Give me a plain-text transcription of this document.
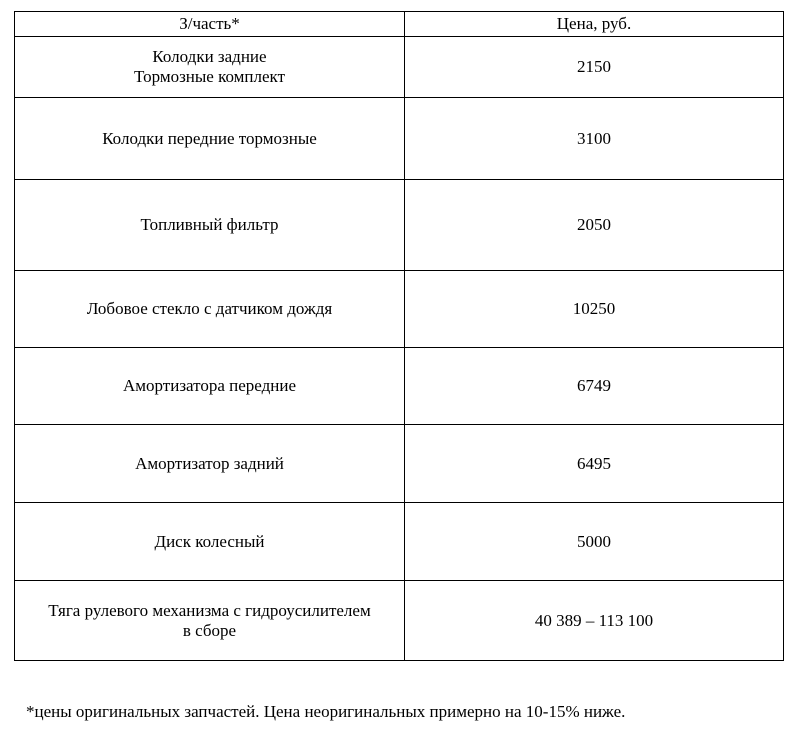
З/часть*	Цена, руб.

Колодки задние
Тормозные комплект	2150

Колодки передние тормозные	3100

Топливный фильтр	2050

Лобовое стекло с датчиком дождя	10250

Амортизатора передние	6749

Амортизатор задний	6495

Диск колесный	5000

Тяга рулевого механизма с гидроусилителем
в сборе	40 389 – 113 100
*цены оригинальных запчастей. Цена неоригинальных примерно на 10-15% ниже.
